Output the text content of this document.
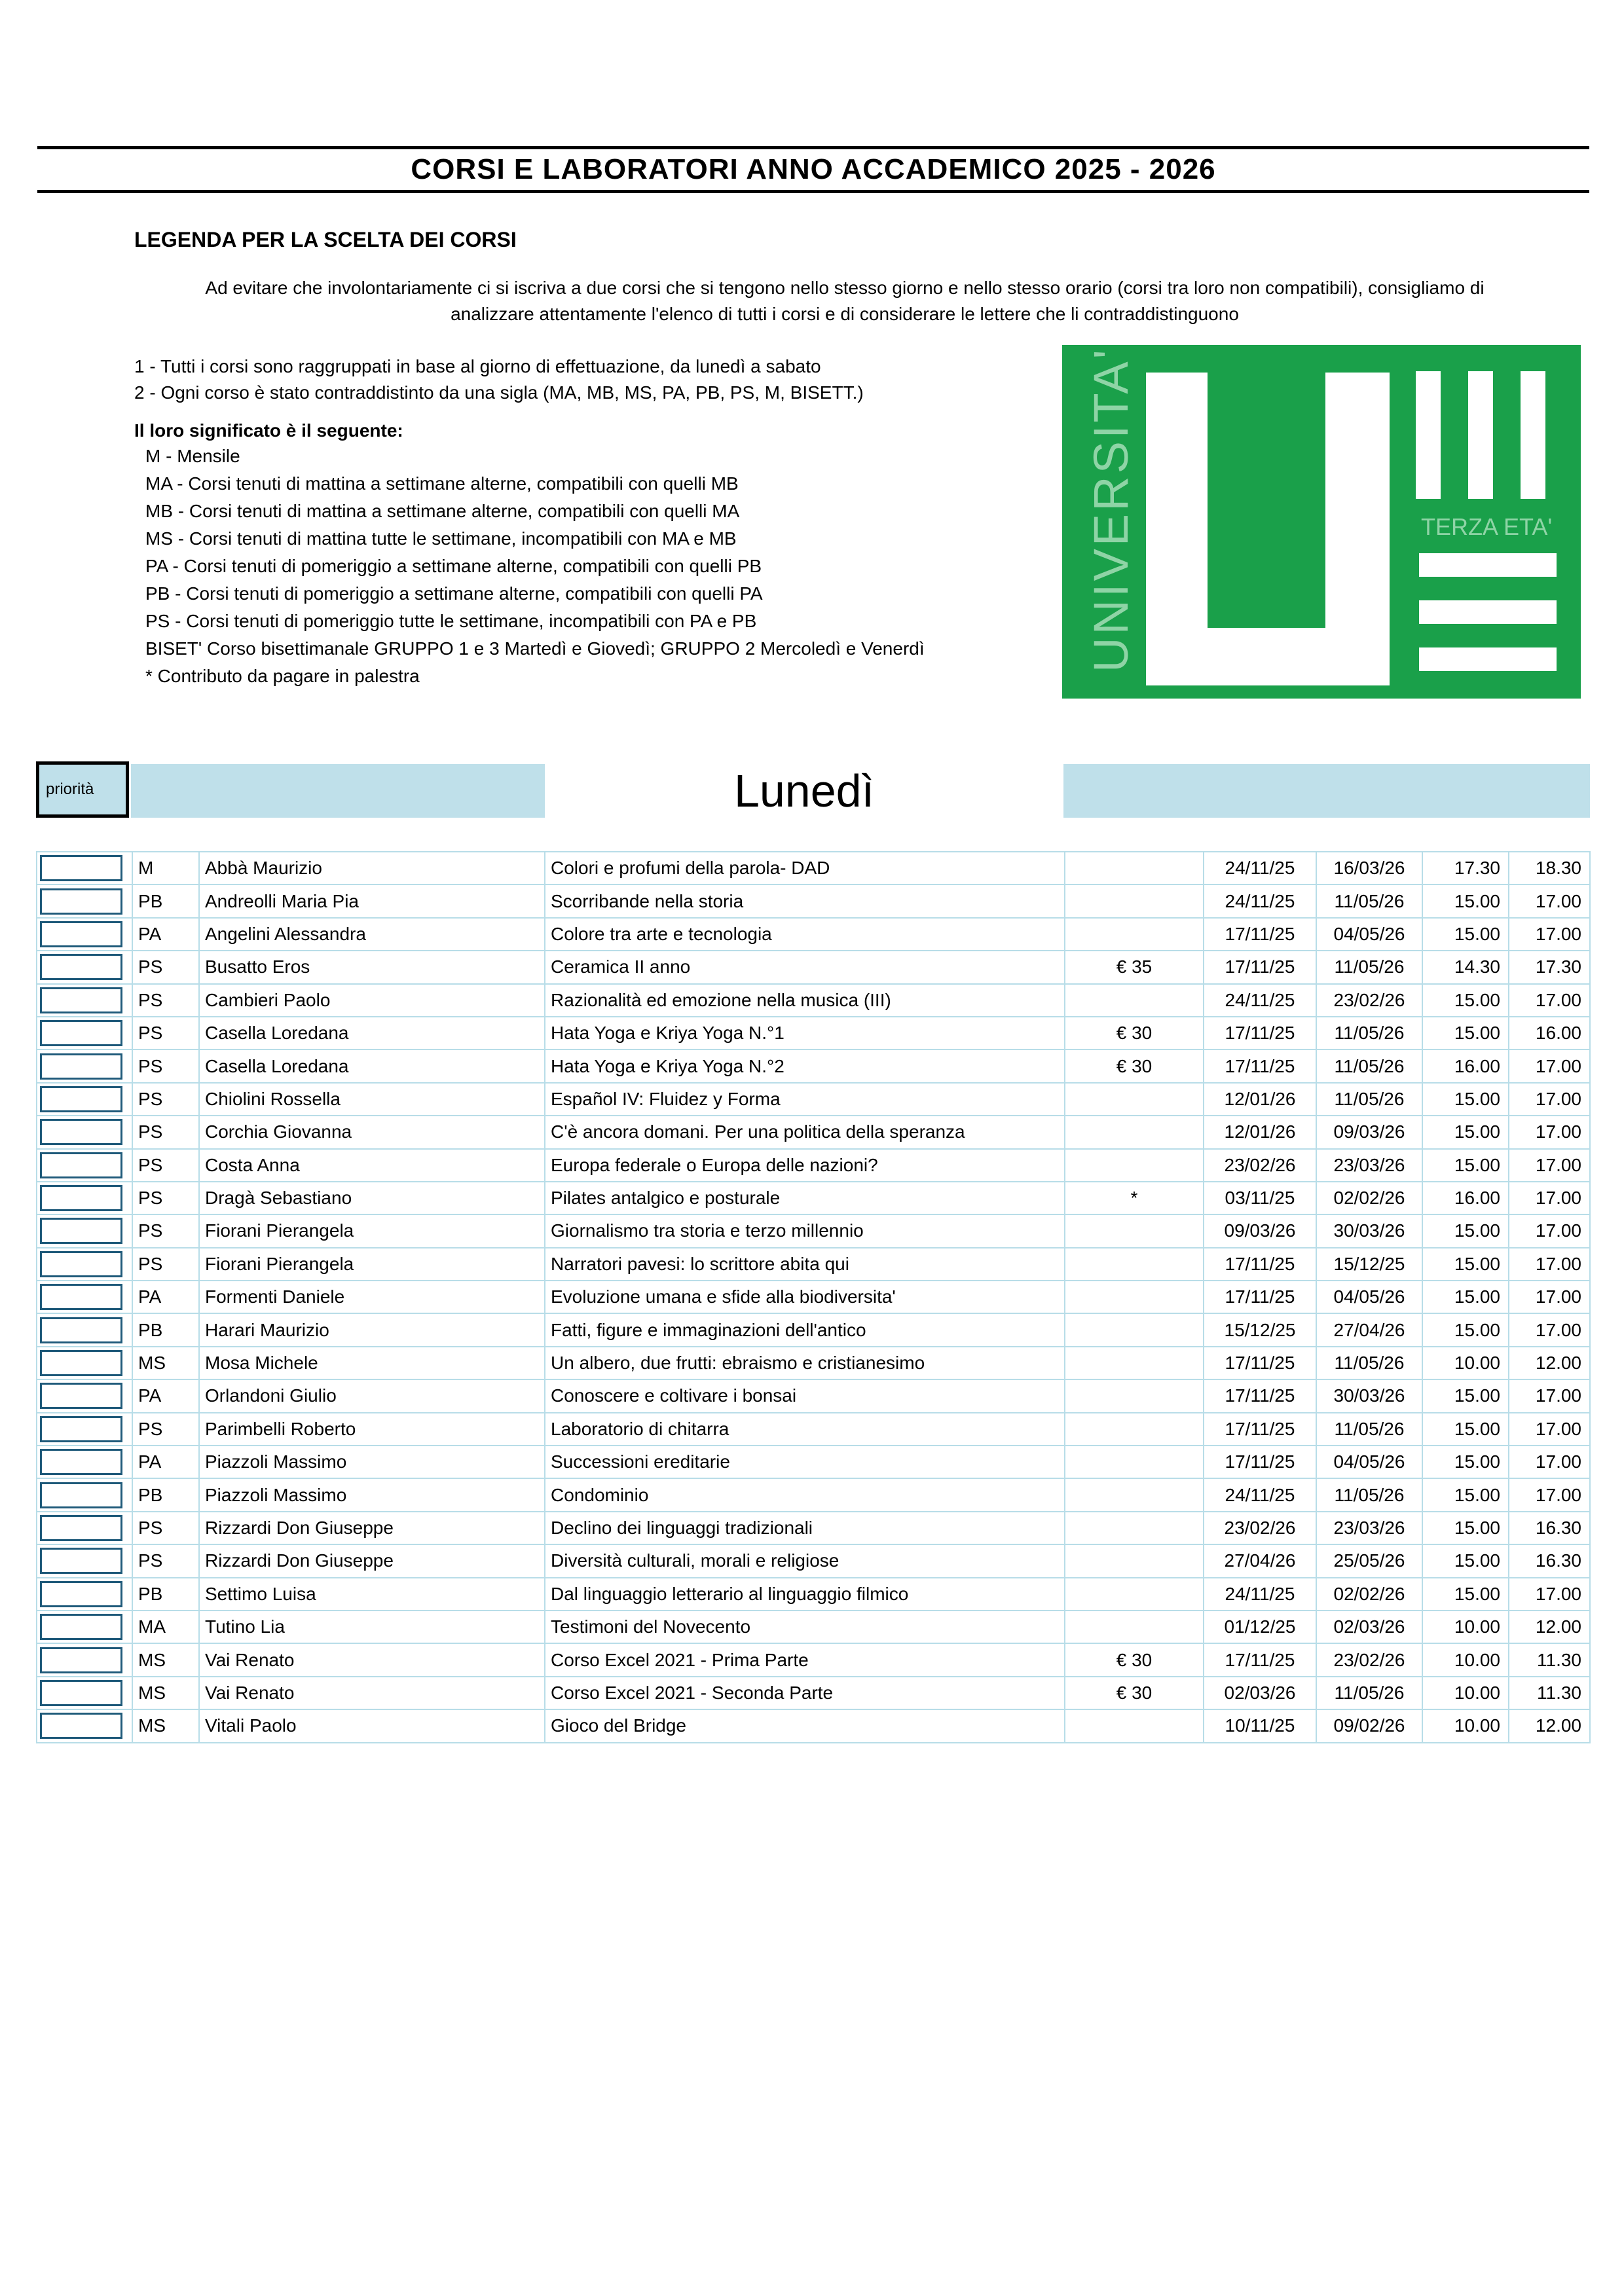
CORSI E LABORATORI ANNO ACCADEMICO 2025 - 2026
LEGENDA PER LA SCELTA DEI CORSI
Ad evitare che involontariamente ci si iscriva a due corsi che si tengono nello stesso giorno e nello stesso orario (corsi tra loro non compatibili), consigliamo di
analizzare attentamente l'elenco di tutti i corsi e di considerare le lettere che li contraddistinguono
1 - Tutti i corsi sono raggruppati in base al giorno di effettuazione, da lunedì a sabato
2 - Ogni corso è stato contraddistinto da una sigla (MA, MB, MS, PA, PB, PS, M, BISETT.)
Il loro significato è il seguente:
M - Mensile
MA - Corsi tenuti di mattina a settimane alterne, compatibili con quelli MB
MB - Corsi tenuti di mattina a settimane alterne, compatibili con quelli MA
MS - Corsi tenuti di mattina tutte le settimane, incompatibili con MA e MB
PA - Corsi tenuti di pomeriggio a settimane alterne, compatibili con quelli PB
PB - Corsi tenuti di pomeriggio a settimane alterne, compatibili con quelli PA
PS - Corsi tenuti di pomeriggio tutte le settimane, incompatibili con PA e PB
BISET' Corso bisettimanale GRUPPO 1 e 3 Martedì e Giovedì; GRUPPO 2 Mercoledì e Venerdì
* Contributo da pagare in palestra
UNIVERSITA'	TERZA ETA'
priorità	Lunedì
	M	Abbà Maurizio	Colori e profumi della parola- DAD		24/11/25	16/03/26	17.30	18.30

	PB	Andreolli Maria Pia	Scorribande nella storia		24/11/25	11/05/26	15.00	17.00

	PA	Angelini Alessandra	Colore tra arte e tecnologia		17/11/25	04/05/26	15.00	17.00

	PS	Busatto Eros	Ceramica II anno	€ 35	17/11/25	11/05/26	14.30	17.30

	PS	Cambieri Paolo	Razionalità ed emozione nella musica (III)		24/11/25	23/02/26	15.00	17.00

	PS	Casella Loredana	Hata Yoga e Kriya Yoga N.°1	€ 30	17/11/25	11/05/26	15.00	16.00

	PS	Casella Loredana	Hata Yoga e Kriya Yoga N.°2	€ 30	17/11/25	11/05/26	16.00	17.00

	PS	Chiolini Rossella	Español IV: Fluidez y Forma		12/01/26	11/05/26	15.00	17.00

	PS	Corchia Giovanna	C'è ancora domani. Per una politica della speranza		12/01/26	09/03/26	15.00	17.00

	PS	Costa Anna	Europa federale o Europa delle nazioni?		23/02/26	23/03/26	15.00	17.00

	PS	Dragà Sebastiano	Pilates antalgico e posturale	*	03/11/25	02/02/26	16.00	17.00

	PS	Fiorani Pierangela	Giornalismo tra storia e terzo millennio		09/03/26	30/03/26	15.00	17.00

	PS	Fiorani Pierangela	Narratori pavesi: lo scrittore abita qui		17/11/25	15/12/25	15.00	17.00

	PA	Formenti Daniele	Evoluzione umana e sfide alla biodiversita'		17/11/25	04/05/26	15.00	17.00

	PB	Harari Maurizio	Fatti, figure e immaginazioni dell'antico		15/12/25	27/04/26	15.00	17.00

	MS	Mosa Michele	Un albero, due frutti: ebraismo e cristianesimo		17/11/25	11/05/26	10.00	12.00

	PA	Orlandoni Giulio	Conoscere e coltivare i bonsai		17/11/25	30/03/26	15.00	17.00

	PS	Parimbelli Roberto	Laboratorio di chitarra		17/11/25	11/05/26	15.00	17.00

	PA	Piazzoli Massimo	Successioni ereditarie		17/11/25	04/05/26	15.00	17.00

	PB	Piazzoli Massimo	Condominio		24/11/25	11/05/26	15.00	17.00

	PS	Rizzardi Don Giuseppe	Declino dei linguaggi tradizionali		23/02/26	23/03/26	15.00	16.30

	PS	Rizzardi Don Giuseppe	Diversità culturali, morali e religiose		27/04/26	25/05/26	15.00	16.30

	PB	Settimo Luisa	Dal linguaggio letterario al linguaggio filmico		24/11/25	02/02/26	15.00	17.00

	MA	Tutino Lia	Testimoni del Novecento		01/12/25	02/03/26	10.00	12.00

	MS	Vai Renato	Corso Excel 2021 - Prima Parte	€ 30	17/11/25	23/02/26	10.00	11.30

	MS	Vai Renato	Corso Excel 2021 - Seconda Parte	€ 30	02/03/26	11/05/26	10.00	11.30

	MS	Vitali Paolo	Gioco del Bridge		10/11/25	09/02/26	10.00	12.00
